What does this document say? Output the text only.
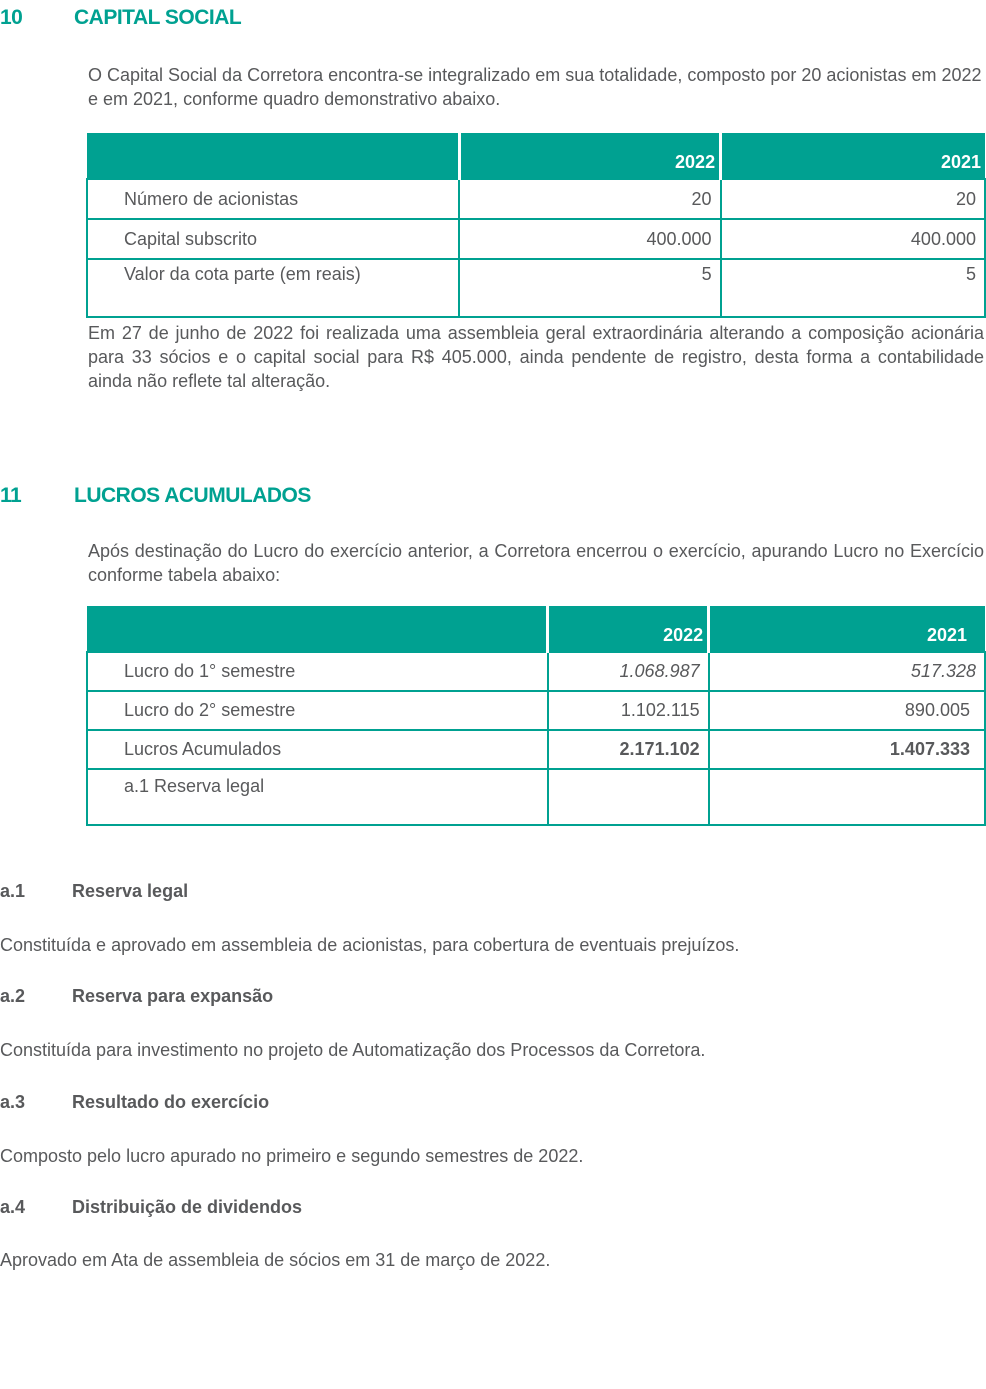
10 CAPITAL SOCIAL
O Capital Social da Corretora encontra-se integralizado em sua totalidade, composto por 20 acionistas em 2022 e em 2021, conforme quadro demonstrativo abaixo.
	2022	2021
Número de acionistas	20	20
Capital subscrito	400.000	400.000
Valor da cota parte (em reais)	5	5
Em 27 de junho de 2022 foi realizada uma assembleia geral extraordinária alterando a composição acionária para 33 sócios e o capital social para R$ 405.000, ainda pendente de registro, desta forma a contabilidade ainda não reflete tal alteração.
11	LUCROS ACUMULADOS
Após destinação do Lucro do exercício anterior, a Corretora encerrou o exercício, apurando Lucro no Exercício conforme tabela abaixo:
	2022	2021
Lucro do 1° semestre	1.068.987	517.328
Lucro do 2° semestre	1.102.115	890.005
Lucros Acumulados	2.171.102	1.407.333
a.1 Reserva legal		
a.1	Reserva legal
Constituída e aprovado em assembleia de acionistas, para cobertura de eventuais prejuízos.
a.2	Reserva para expansão
Constituída para investimento no projeto de Automatização dos Processos da Corretora.
a.3	Resultado do exercício
Composto pelo lucro apurado no primeiro e segundo semestres de 2022.
a.4	Distribuição de dividendos
Aprovado em Ata de assembleia de sócios em 31 de março de 2022.
